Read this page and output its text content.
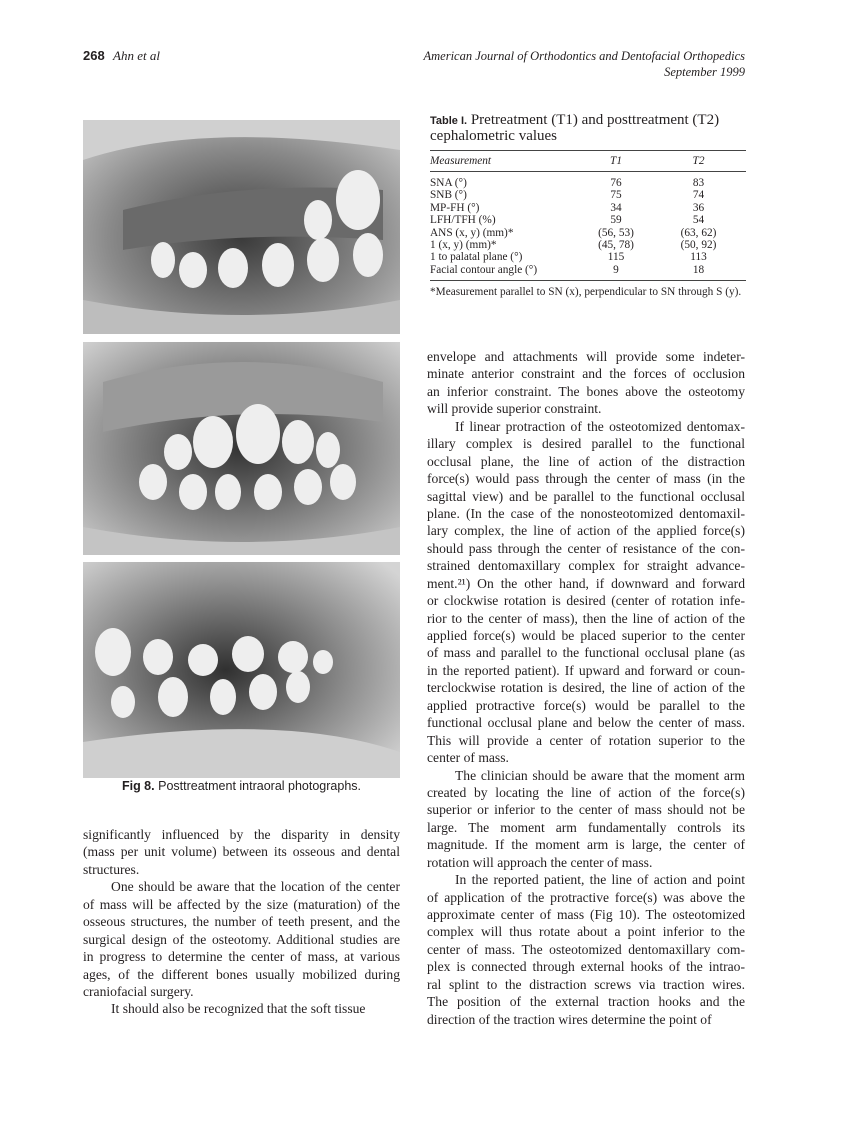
268 Ahn et al	American Journal of Orthodontics and Dentofacial Orthopedics
September 1999
Fig 8. Posttreatment intraoral photographs.
Table I. Pretreatment (T1) and posttreatment (T2)
cephalometric values
Measurement	T1	T2
SNA (°)	76	83
SNB (°)	75	74
MP-FH (°)	34	36
LFH/TFH (%)	59	54
ANS (x, y) (mm)*	(56, 53)	(63, 62)
1 (x, y) (mm)*	(45, 78)	(50, 92)
1 to palatal plane (°)	115	113
Facial contour angle (°)	9	18
*Measurement parallel to SN (x), perpendicular to SN through S (y).
significantly influenced by the disparity in density
(mass per unit volume) between its osseous and dental
structures.
One should be aware that the location of the center
of mass will be affected by the size (maturation) of the
osseous structures, the number of teeth present, and the
surgical design of the osteotomy. Additional studies are
in progress to determine the center of mass, at various
ages, of the different bones usually mobilized during
craniofacial surgery.
It should also be recognized that the soft tissue
envelope and attachments will provide some indeter-
minate anterior constraint and the forces of occlusion
an inferior constraint. The bones above the osteotomy
will provide superior constraint.
If linear protraction of the osteotomized dentomax-
illary complex is desired parallel to the functional
occlusal plane, the line of action of the distraction
force(s) would pass through the center of mass (in the
sagittal view) and be parallel to the functional occlusal
plane. (In the case of the nonosteotomized dentomaxil-
lary complex, the line of action of the applied force(s)
should pass through the center of resistance of the con-
strained dentomaxillary complex for straight advance-
ment.²¹) On the other hand, if downward and forward
or clockwise rotation is desired (center of rotation infe-
rior to the center of mass), then the line of action of the
applied force(s) would be placed superior to the center
of mass and parallel to the functional occlusal plane (as
in the reported patient). If upward and forward or coun-
terclockwise rotation is desired, the line of action of the
applied protractive force(s) would be parallel to the
functional occlusal plane and below the center of mass.
This will provide a center of rotation superior to the
center of mass.
The clinician should be aware that the moment arm
created by locating the line of action of the force(s)
superior or inferior to the center of mass should not be
large. The moment arm fundamentally controls its
magnitude. If the moment arm is large, the center of
rotation will approach the center of mass.
In the reported patient, the line of action and point
of application of the protractive force(s) was above the
approximate center of mass (Fig 10). The osteotomized
complex will thus rotate about a point inferior to the
center of mass. The osteotomized dentomaxillary com-
plex is connected through external hooks of the intrao-
ral splint to the distraction screws via traction wires.
The position of the external traction hooks and the
direction of the traction wires determine the point of
